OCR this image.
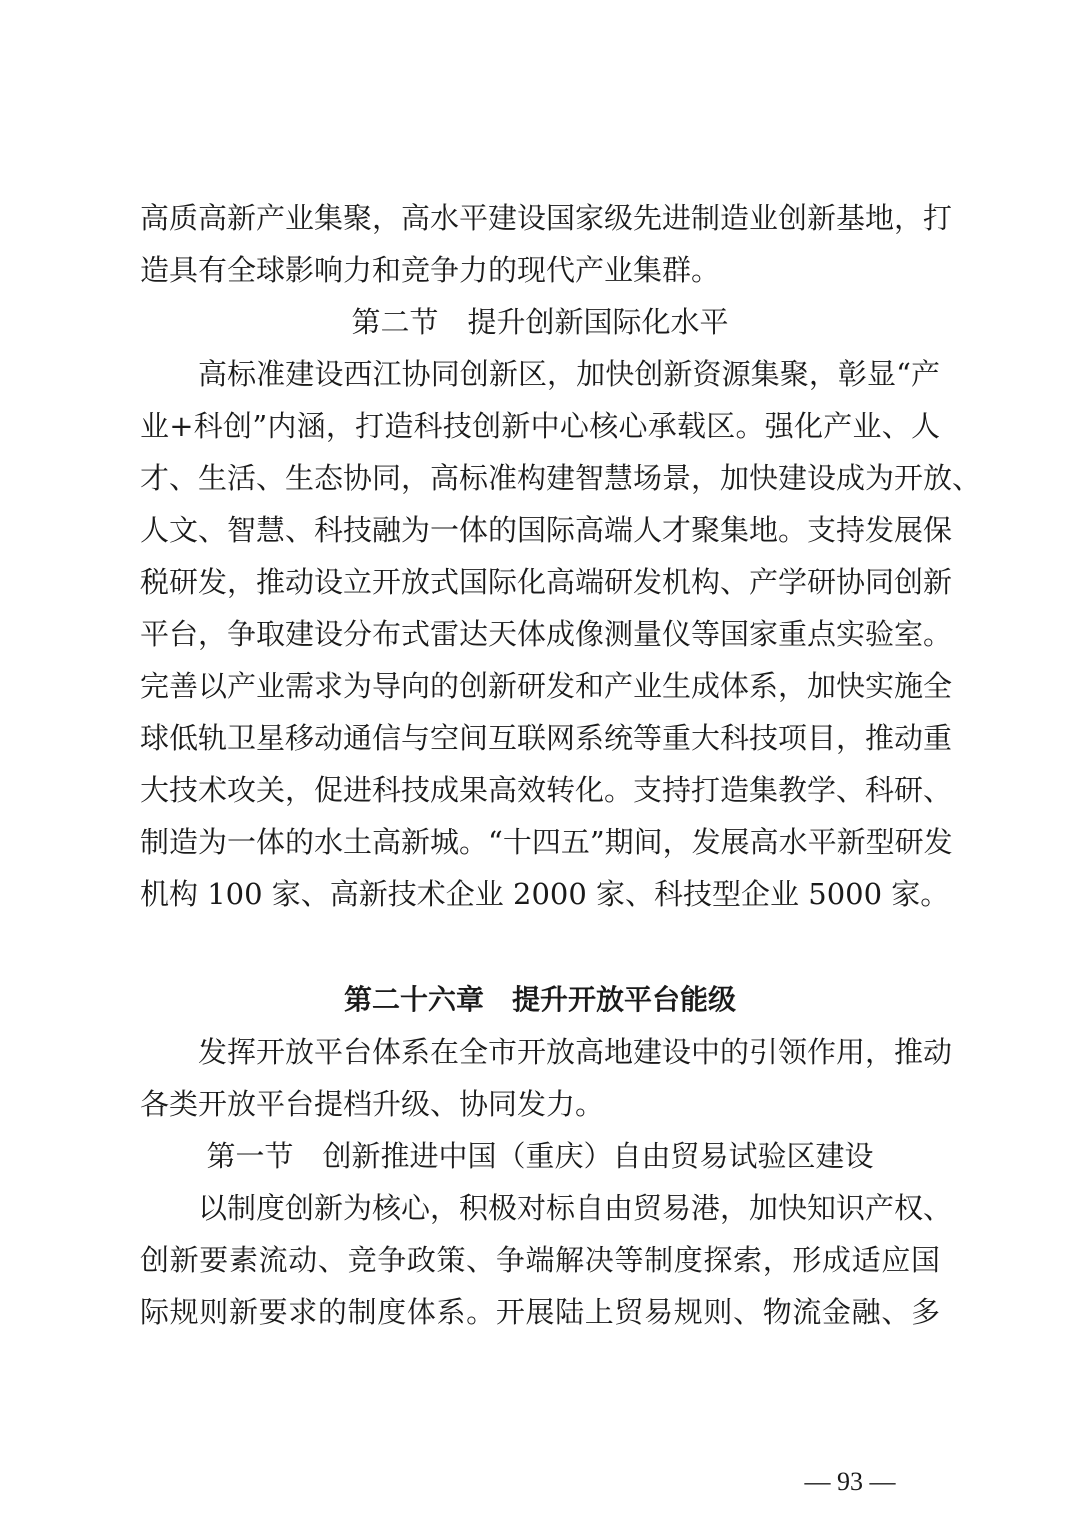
高质高新产业集聚，高水平建设国家级先进制造业创新基地，打
造具有全球影响力和竞争力的现代产业集群。
第二节　提升创新国际化水平
高标准建设西江协同创新区，加快创新资源集聚，彰显“产
业+科创”内涵，打造科技创新中心核心承载区。强化产业、人
才、生活、生态协同，高标准构建智慧场景，加快建设成为开放、
人文、智慧、科技融为一体的国际高端人才聚集地。支持发展保
税研发，推动设立开放式国际化高端研发机构、产学研协同创新
平台，争取建设分布式雷达天体成像测量仪等国家重点实验室。
完善以产业需求为导向的创新研发和产业生成体系，加快实施全
球低轨卫星移动通信与空间互联网系统等重大科技项目，推动重
大技术攻关，促进科技成果高效转化。支持打造集教学、科研、
制造为一体的水土高新城。“十四五”期间，发展高水平新型研发
机构 100 家、高新技术企业 2000 家、科技型企业 5000 家。
第二十六章　提升开放平台能级
发挥开放平台体系在全市开放高地建设中的引领作用，推动
各类开放平台提档升级、协同发力。
第一节　创新推进中国（重庆）自由贸易试验区建设
以制度创新为核心，积极对标自由贸易港，加快知识产权、
创新要素流动、竞争政策、争端解决等制度探索，形成适应国
际规则新要求的制度体系。开展陆上贸易规则、物流金融、多
— 93 —
